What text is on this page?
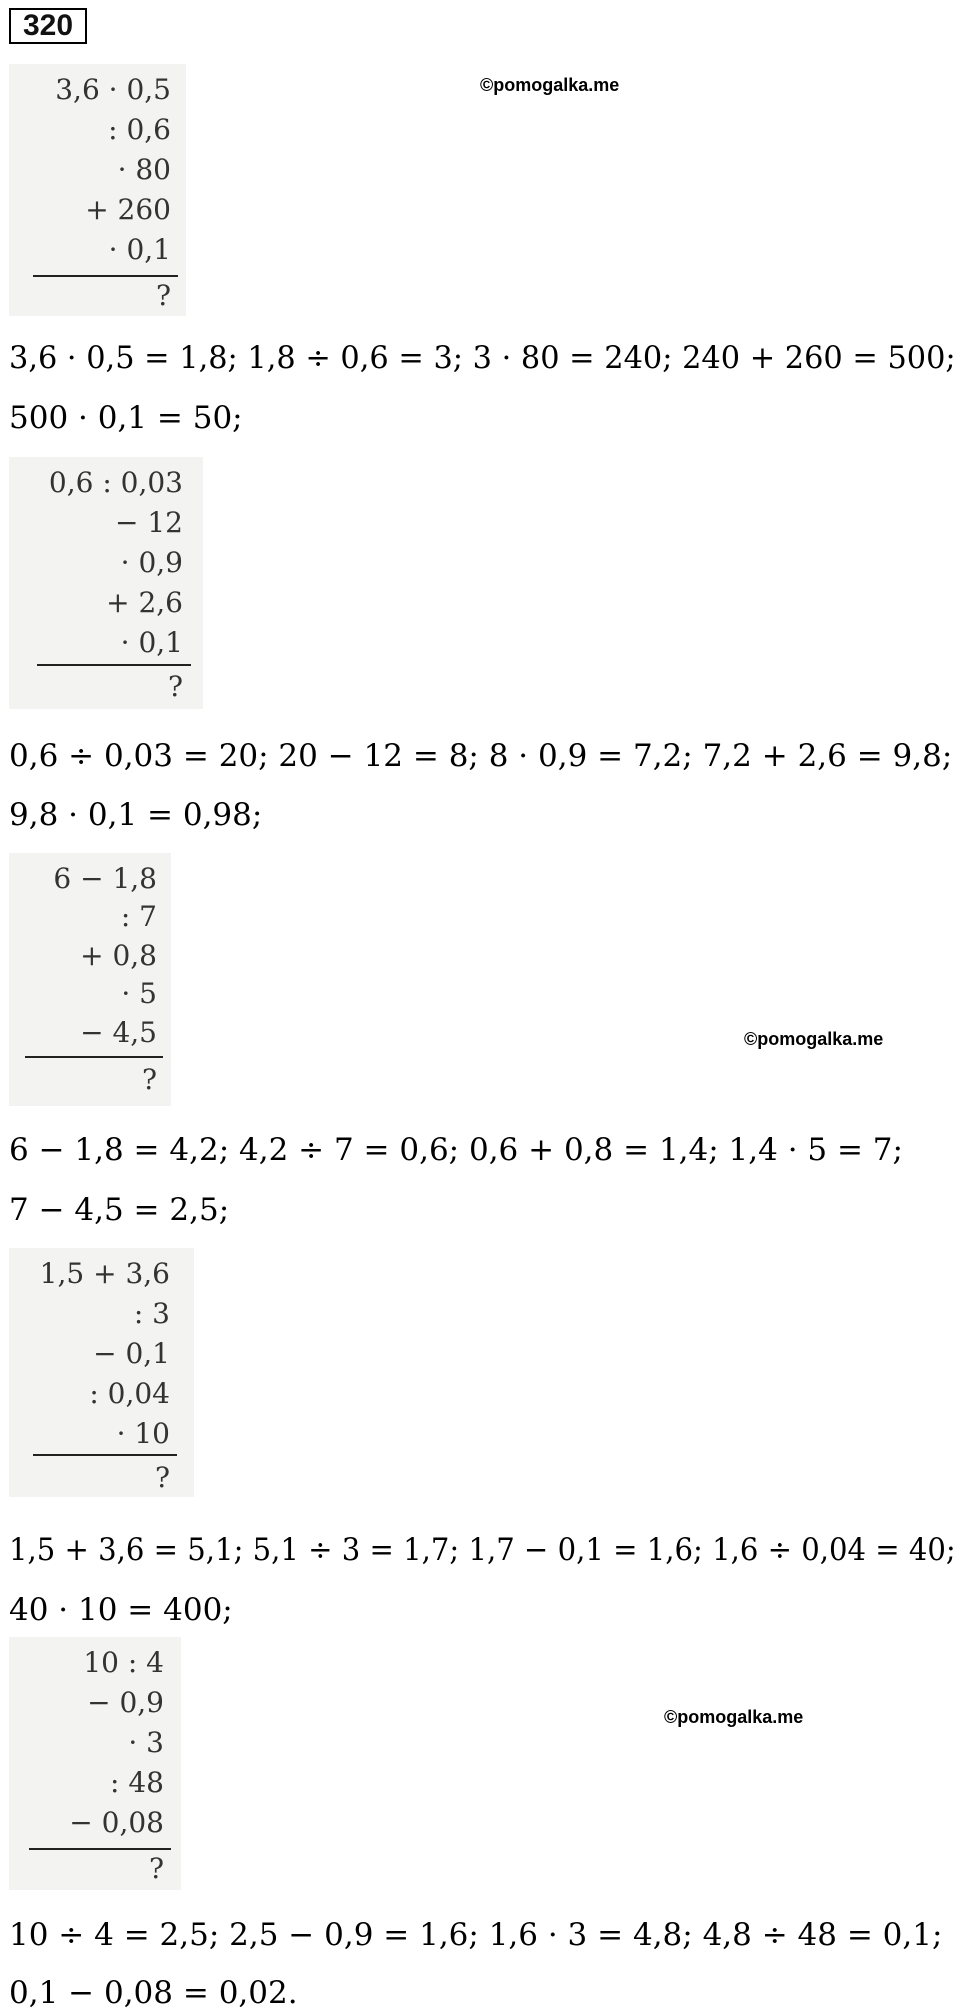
320
©pomogalka.me
©pomogalka.me
©pomogalka.me
3,6 · 0,5
: 0,6
· 80
+ 260
· 0,1
?
3,6 · 0,5 = 1,8; 1,8 ÷ 0,6 = 3; 3 · 80 = 240; 240 + 260 = 500;
500 · 0,1 = 50;
0,6 : 0,03
− 12
· 0,9
+ 2,6
· 0,1
?
0,6 ÷ 0,03 = 20; 20 − 12 = 8; 8 · 0,9 = 7,2; 7,2 + 2,6 = 9,8;
9,8 · 0,1 = 0,98;
6 − 1,8
: 7
+ 0,8
· 5
− 4,5
?
6 − 1,8 = 4,2; 4,2 ÷ 7 = 0,6; 0,6 + 0,8 = 1,4; 1,4 · 5 = 7;
7 − 4,5 = 2,5;
1,5 + 3,6
: 3
− 0,1
: 0,04
· 10
?
1,5 + 3,6 = 5,1; 5,1 ÷ 3 = 1,7; 1,7 − 0,1 = 1,6; 1,6 ÷ 0,04 = 40;
40 · 10 = 400;
10 : 4
− 0,9
· 3
: 48
− 0,08
?
10 ÷ 4 = 2,5; 2,5 − 0,9 = 1,6; 1,6 · 3 = 4,8; 4,8 ÷ 48 = 0,1;
0,1 − 0,08 = 0,02.
